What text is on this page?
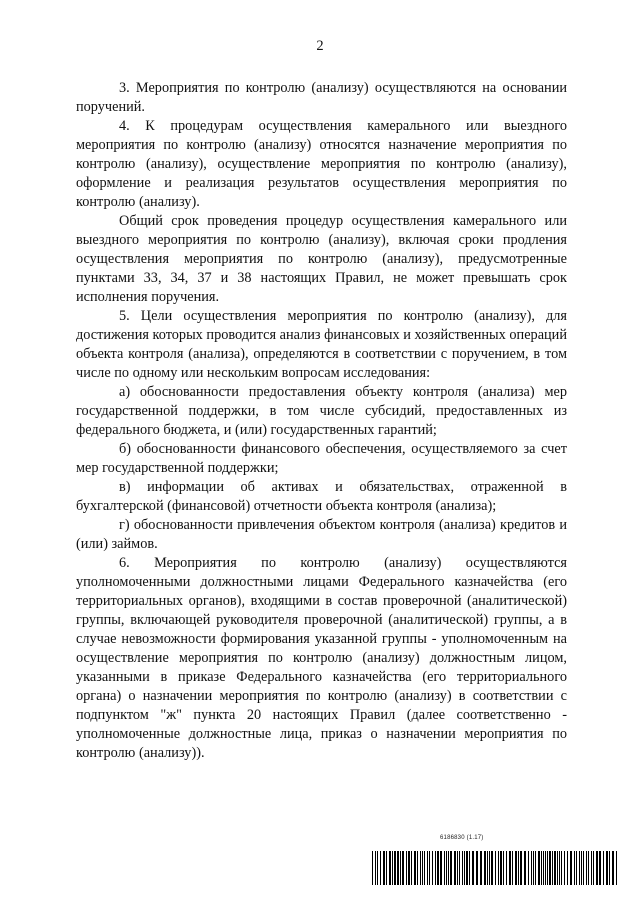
2

3. Мероприятия по контролю (анализу) осуществляются на основании поручений.

4. К процедурам осуществления камерального или выездного мероприятия по контролю (анализу) относятся назначение мероприятия по контролю (анализу), осуществление мероприятия по контролю (анализу), оформление и реализация результатов осуществления мероприятия по контролю (анализу).

Общий срок проведения процедур осуществления камерального или выездного мероприятия по контролю (анализу), включая сроки продления осуществления мероприятия по контролю (анализу), предусмотренные пунктами 33, 34, 37 и 38 настоящих Правил, не может превышать срок исполнения поручения.

5. Цели осуществления мероприятия по контролю (анализу), для достижения которых проводится анализ финансовых и хозяйственных операций объекта контроля (анализа), определяются в соответствии с поручением, в том числе по одному или нескольким вопросам исследования:

а) обоснованности предоставления объекту контроля (анализа) мер государственной поддержки, в том числе субсидий, предоставленных из федерального бюджета, и (или) государственных гарантий;

б) обоснованности финансового обеспечения, осуществляемого за счет мер государственной поддержки;

в) информации об активах и обязательствах, отраженной в бухгалтерской (финансовой) отчетности объекта контроля (анализа);

г) обоснованности привлечения объектом контроля (анализа) кредитов и (или) займов.

6. Мероприятия по контролю (анализу) осуществляются уполномоченными должностными лицами Федерального казначейства (его территориальных органов), входящими в состав проверочной (аналитической) группы, включающей руководителя проверочной (аналитической) группы, а в случае невозможности формирования указанной группы - уполномоченным на осуществление мероприятия по контролю (анализу) должностным лицом, указанными в приказе Федерального казначейства (его территориального органа) о назначении мероприятия по контролю (анализу) в соответствии с подпунктом "ж" пункта 20 настоящих Правил (далее соответственно - уполномоченные должностные лица, приказ о назначении мероприятия по контролю (анализу)).

6186830 (1.17)
